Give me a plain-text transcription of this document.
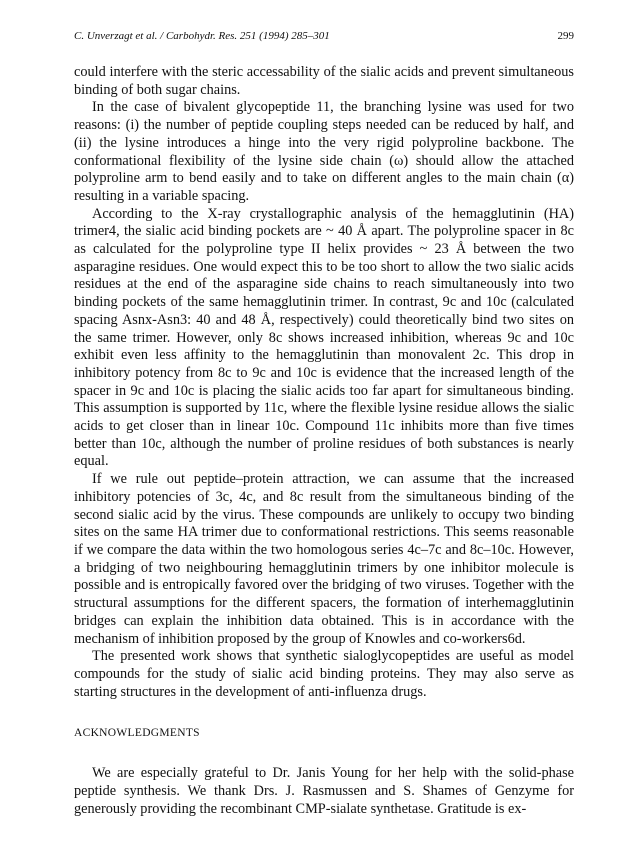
C. Unverzagt et al. / Carbohydr. Res. 251 (1994) 285–301	299

could interfere with the steric accessability of the sialic acids and prevent simultaneous binding of both sugar chains.

In the case of bivalent glycopeptide 11, the branching lysine was used for two reasons: (i) the number of peptide coupling steps needed can be reduced by half, and (ii) the lysine introduces a hinge into the very rigid polyproline backbone. The conformational flexibility of the lysine side chain (ω) should allow the attached polyproline arm to bend easily and to take on different angles to the main chain (α) resulting in a variable spacing.

According to the X-ray crystallographic analysis of the hemagglutinin (HA) trimer4, the sialic acid binding pockets are ~ 40 Å apart. The polyproline spacer in 8c as calculated for the polyproline type II helix provides ~ 23 Å between the two asparagine residues. One would expect this to be too short to allow the two sialic acids residues at the end of the asparagine side chains to reach simultaneously into two binding pockets of the same hemagglutinin trimer. In contrast, 9c and 10c (calculated spacing Asnx-Asn3: 40 and 48 Å, respectively) could theoretically bind two sites on the same trimer. However, only 8c shows increased inhibition, whereas 9c and 10c exhibit even less affinity to the hemagglutinin than monovalent 2c. This drop in inhibitory potency from 8c to 9c and 10c is evidence that the increased length of the spacer in 9c and 10c is placing the sialic acids too far apart for simultaneous binding. This assumption is supported by 11c, where the flexible lysine residue allows the sialic acids to get closer than in linear 10c. Compound 11c inhibits more than five times better than 10c, although the number of proline residues of both substances is nearly equal.

If we rule out peptide–protein attraction, we can assume that the increased inhibitory potencies of 3c, 4c, and 8c result from the simultaneous binding of the second sialic acid by the virus. These compounds are unlikely to occupy two binding sites on the same HA trimer due to conformational restrictions. This seems reasonable if we compare the data within the two homologous series 4c–7c and 8c–10c. However, a bridging of two neighbouring hemagglutinin trimers by one inhibitor molecule is possible and is entropically favored over the bridging of two viruses. Together with the structural assumptions for the different spacers, the formation of interhemagglutinin bridges can explain the inhibition data obtained. This is in accordance with the mechanism of inhibition proposed by the group of Knowles and co-workers6d.

The presented work shows that synthetic sialoglycopeptides are useful as model compounds for the study of sialic acid binding proteins. They may also serve as starting structures in the development of anti-influenza drugs.

ACKNOWLEDGMENTS

We are especially grateful to Dr. Janis Young for her help with the solid-phase peptide synthesis. We thank Drs. J. Rasmussen and S. Shames of Genzyme for generously providing the recombinant CMP-sialate synthetase. Gratitude is ex-
